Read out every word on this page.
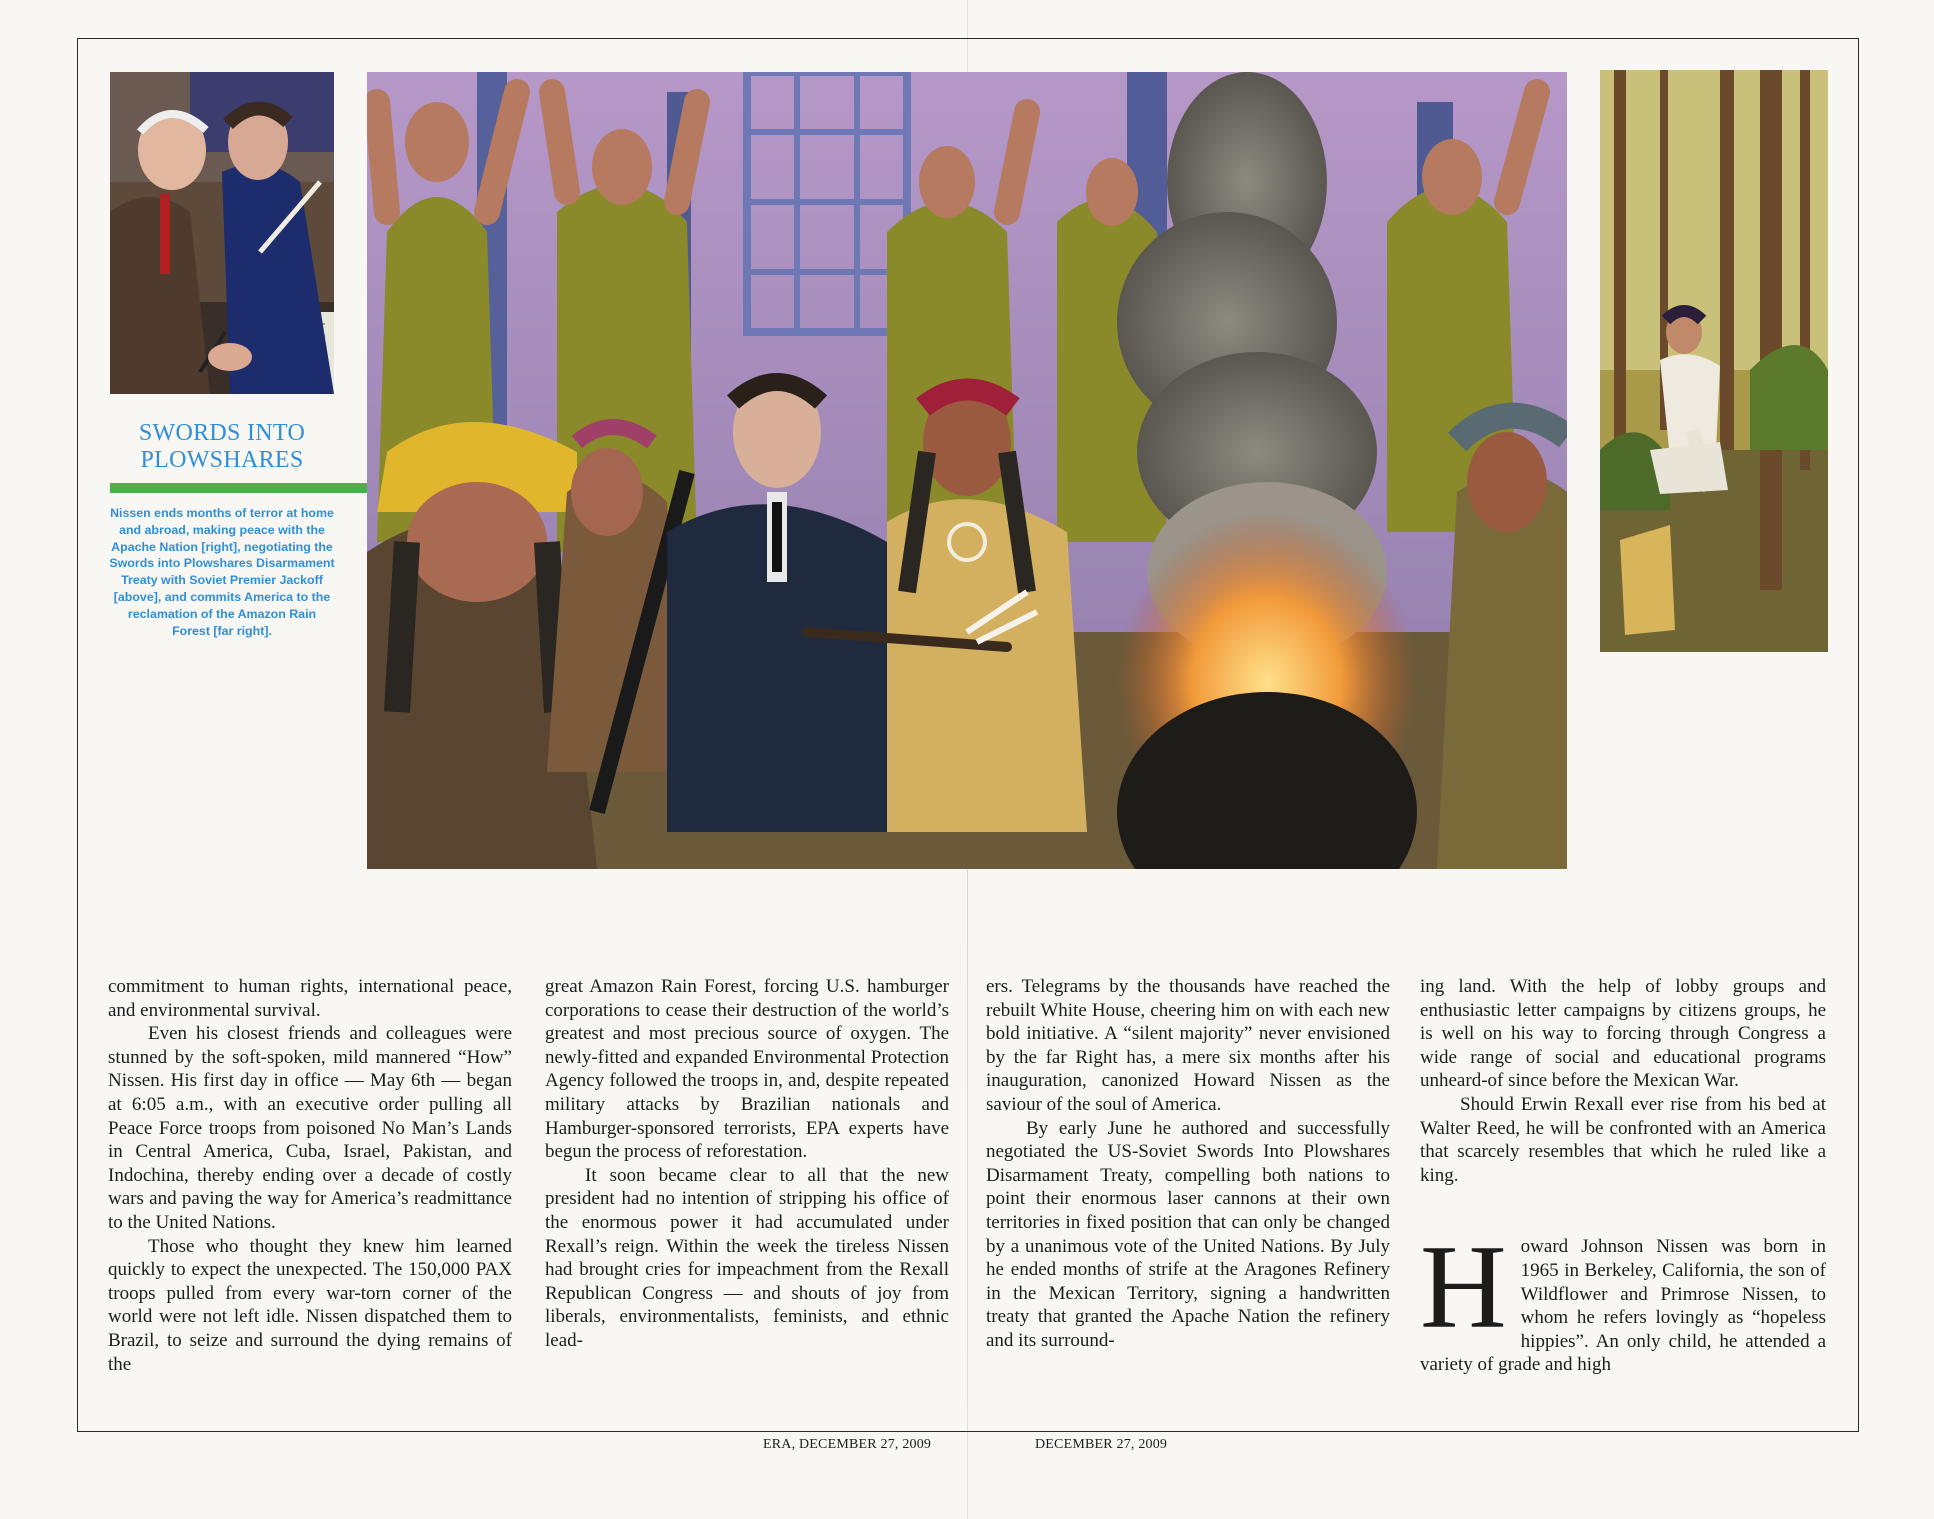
SWORDS INTO
PLOWSHARES
Nissen ends months of terror at home and abroad, making peace with the Apache Nation [right], negotiating the Swords into Plowshares Disarmament Treaty with Soviet Premier Jackoff [above], and commits America to the reclamation of the Amazon Rain Forest [far right].

commitment to human rights, international peace, and environmental survival.

Even his closest friends and colleagues were stunned by the soft-spoken, mild mannered “How” Nissen. His first day in office — May 6th — began at 6:05 a.m., with an executive order pulling all Peace Force troops from poisoned No Man’s Lands in Central America, Cuba, Israel, Pakistan, and Indochina, thereby ending over a decade of costly wars and paving the way for America’s readmittance to the United Nations.

Those who thought they knew him learned quickly to expect the unexpected. The 150,000 PAX troops pulled from every war-torn corner of the world were not left idle. Nissen dispatched them to Brazil, to seize and surround the dying remains of the

great Amazon Rain Forest, forcing U.S. hamburger corporations to cease their destruction of the world’s greatest and most precious source of oxygen. The newly-fitted and expanded Environmental Protection Agency followed the troops in, and, despite repeated military attacks by Brazilian nationals and Hamburger-sponsored terrorists, EPA experts have begun the process of reforestation.

It soon became clear to all that the new president had no intention of stripping his office of the enormous power it had accumulated under Rexall’s reign. Within the week the tireless Nissen had brought cries for impeachment from the Rexall Republican Congress — and shouts of joy from liberals, environmentalists, feminists, and ethnic lead-

ers. Telegrams by the thousands have reached the rebuilt White House, cheering him on with each new bold initiative. A “silent majority” never envisioned by the far Right has, a mere six months after his inauguration, canonized Howard Nissen as the saviour of the soul of America.

By early June he authored and successfully negotiated the US-Soviet Swords Into Plowshares Disarmament Treaty, compelling both nations to point their enormous laser cannons at their own territories in fixed position that can only be changed by a unanimous vote of the United Nations. By July he ended months of strife at the Aragones Refinery in the Mexican Territory, signing a handwritten treaty that granted the Apache Nation the refinery and its surround-

ing land. With the help of lobby groups and enthusiastic letter campaigns by citizens groups, he is well on his way to forcing through Congress a wide range of social and educational programs unheard-of since before the Mexican War.

Should Erwin Rexall ever rise from his bed at Walter Reed, he will be confronted with an America that scarcely resembles that which he ruled like a king.

H oward Johnson Nissen was born in 1965 in Berkeley, California, the son of Wildflower and Primrose Nissen, to whom he refers lovingly as “hopeless hippies”. An only child, he attended a variety of grade and high
ERA, DECEMBER 27, 2009	DECEMBER 27, 2009
